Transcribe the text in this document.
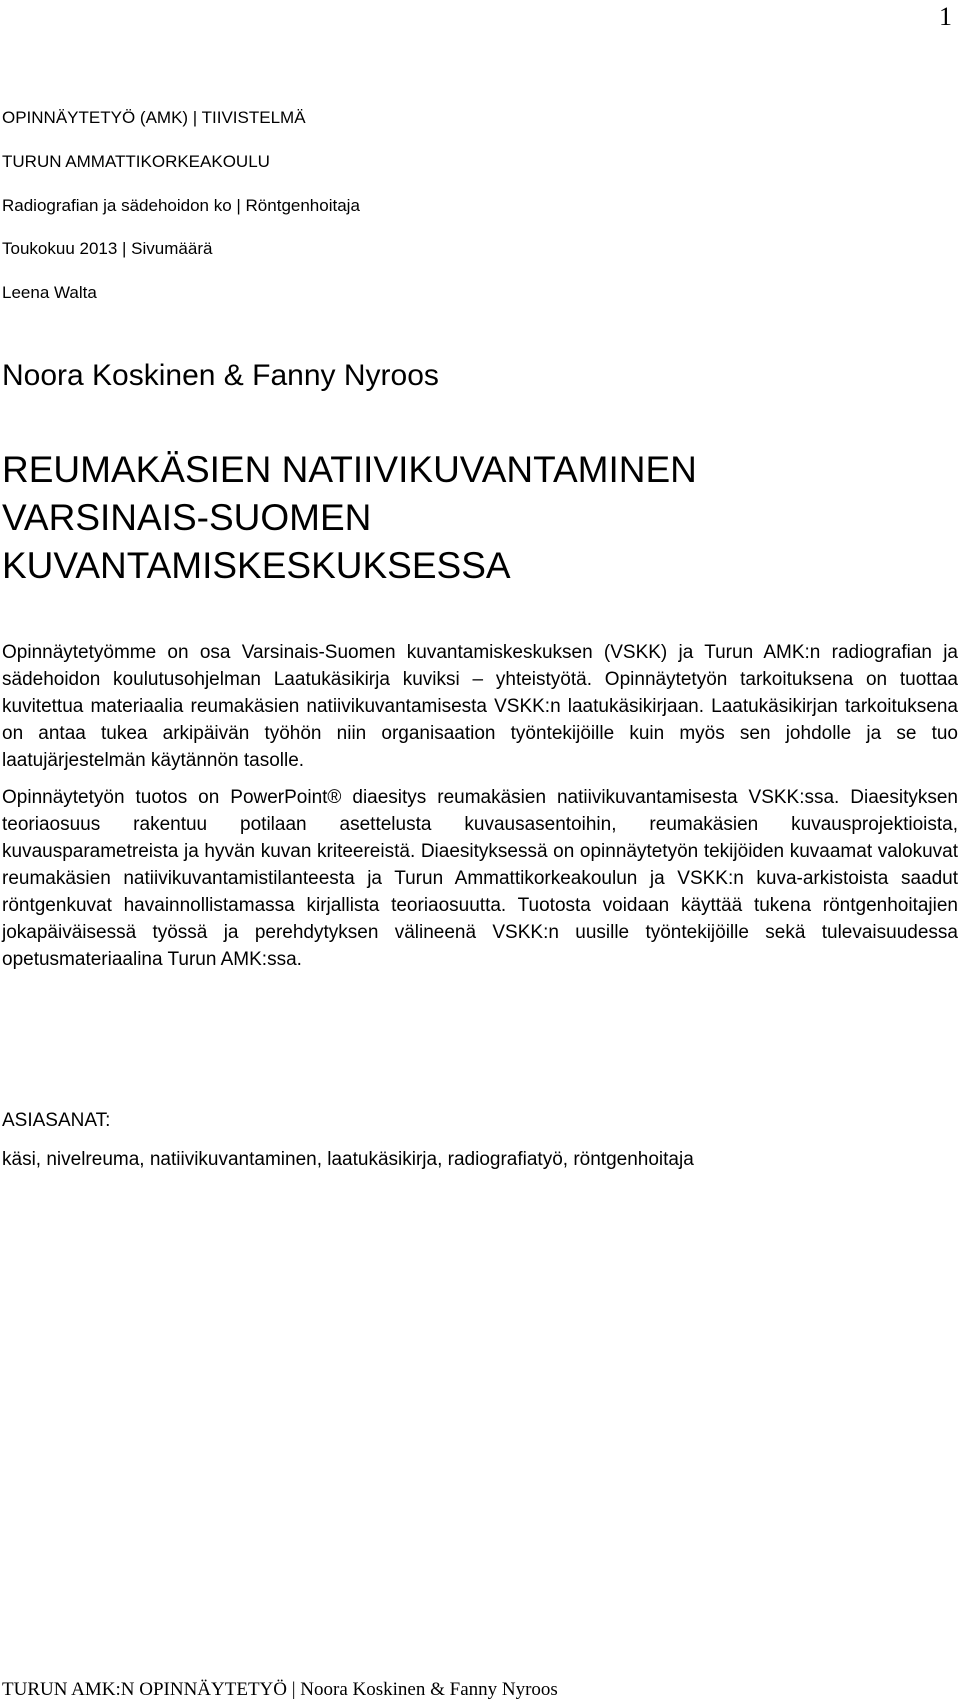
1
OPINNÄYTETYÖ (AMK) | TIIVISTELMÄ
TURUN AMMATTIKORKEAKOULU
Radiografian ja sädehoidon ko | Röntgenhoitaja
Toukokuu 2013 | Sivumäärä
Leena Walta
Noora Koskinen & Fanny Nyroos
REUMAKÄSIEN NATIIVIKUVANTAMINEN
VARSINAIS-SUOMEN
KUVANTAMISKESKUKSESSA

Opinnäytetyömme on osa Varsinais-Suomen kuvantamiskeskuksen (VSKK) ja Turun AMK:n radiografian ja sädehoidon koulutusohjelman Laatukäsikirja kuviksi – yhteistyötä. Opinnäytetyön tarkoituksena on tuottaa kuvitettua materiaalia reumakäsien natiivikuvantamisesta VSKK:n laatukäsikirjaan. Laatukäsikirjan tarkoituksena on antaa tukea arkipäivän työhön niin organisaation työntekijöille kuin myös sen johdolle ja se tuo laatujärjestelmän käytännön tasolle.

Opinnäytetyön tuotos on PowerPoint® diaesitys reumakäsien natiivikuvantamisesta VSKK:ssa. Diaesityksen teoriaosuus rakentuu potilaan asettelusta kuvausasentoihin, reumakäsien kuvausprojektioista, kuvausparametreista ja hyvän kuvan kriteereistä. Diaesityksessä on opinnäytetyön tekijöiden kuvaamat valokuvat reumakäsien natiivikuvantamistilanteesta ja Turun Ammattikorkeakoulun ja VSKK:n kuva-arkistoista saadut röntgenkuvat havainnollistamassa kirjallista teoriaosuutta. Tuotosta voidaan käyttää tukena röntgenhoitajien jokapäiväisessä työssä ja perehdytyksen välineenä VSKK:n uusille työntekijöille sekä tulevaisuudessa opetusmateriaalina Turun AMK:ssa.

ASIASANAT:
käsi, nivelreuma, natiivikuvantaminen, laatukäsikirja, radiografiatyö, röntgenhoitaja
TURUN AMK:N OPINNÄYTETYÖ | Noora Koskinen & Fanny Nyroos
